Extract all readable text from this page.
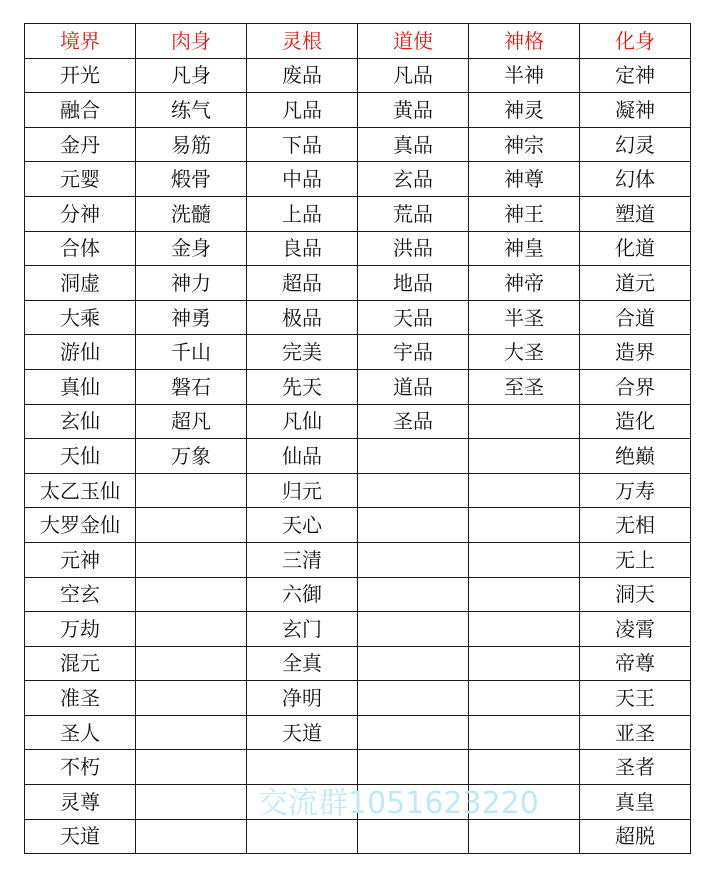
境界	肉身	灵根	道使	神格	化身
开光	凡身	废品	凡品	半神	定神
融合	练气	凡品	黄品	神灵	凝神
金丹	易筋	下品	真品	神宗	幻灵
元婴	煅骨	中品	玄品	神尊	幻体
分神	洗髓	上品	荒品	神王	塑道
合体	金身	良品	洪品	神皇	化道
洞虚	神力	超品	地品	神帝	道元
大乘	神勇	极品	天品	半圣	合道
游仙	千山	完美	宇品	大圣	造界
真仙	磐石	先天	道品	至圣	合界
玄仙	超凡	凡仙	圣品		造化
天仙	万象	仙品			绝巅
太乙玉仙		归元			万寿
大罗金仙		天心			无相
元神		三清			无上
空玄		六御			洞天
万劫		玄门			凌霄
混元		全真			帝尊
准圣		净明			天王
圣人		天道			亚圣
不朽					圣者
灵尊					真皇
天道					超脱
交流群1051623220
